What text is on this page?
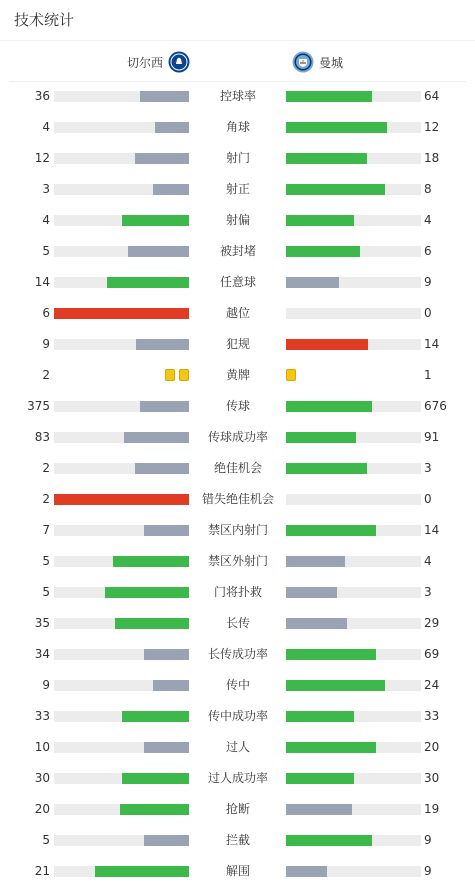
技术统计
切尔西	曼城
36	控球率	64
4	角球	12
12	射门	18
3	射正	8
4	射偏	4
5	被封堵	6
14	任意球	9
6	越位	0
9	犯规	14
2	黄牌	1
375	传球	676
83	传球成功率	91
2	绝佳机会	3
2	错失绝佳机会	0
7	禁区内射门	14
5	禁区外射门	4
5	门将扑救	3
35	长传	29
34	长传成功率	69
9	传中	24
33	传中成功率	33
10	过人	20
30	过人成功率	30
20	抢断	19
5	拦截	9
21	解围	9
